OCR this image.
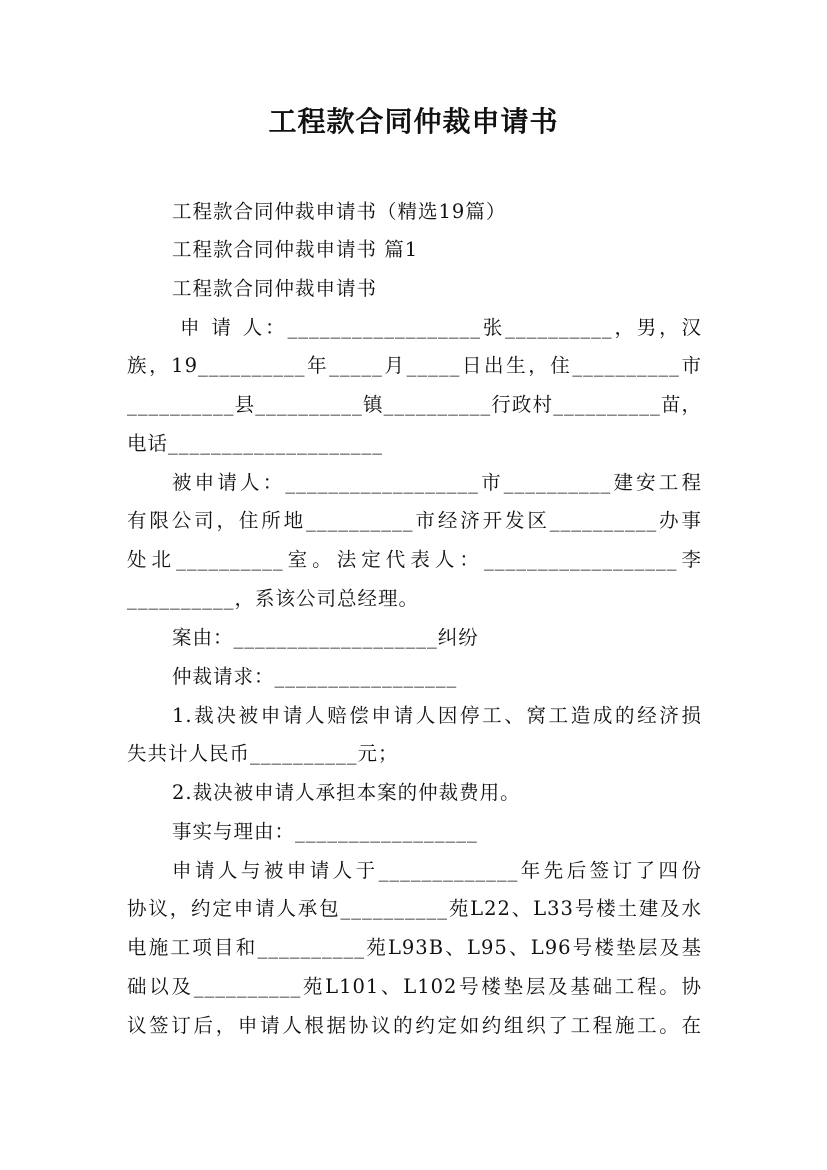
工程款合同仲裁申请书
工程款合同仲裁申请书（精选19篇）
工程款合同仲裁申请书 篇1
工程款合同仲裁申请书
申 请 人：__________________张__________，男，汉
族，19__________年_____月_____日出生，住__________市
__________县__________镇__________行政村__________苗，
电话____________________
被申请人：__________________市__________建安工程
有限公司，住所地__________市经济开发区__________办事
处北__________室。法定代表人：__________________李
__________，系该公司总经理。
案由：___________________纠纷
仲裁请求：_________________
1.裁决被申请人赔偿申请人因停工、窝工造成的经济损
失共计人民币__________元；
2.裁决被申请人承担本案的仲裁费用。
事实与理由：_________________
申请人与被申请人于_____________年先后签订了四份
协议，约定申请人承包__________苑L22、L33号楼土建及水
电施工项目和__________苑L93B、L95、L96号楼垫层及基
础以及__________苑L101、L102号楼垫层及基础工程。协
议签订后，申请人根据协议的约定如约组织了工程施工。在
